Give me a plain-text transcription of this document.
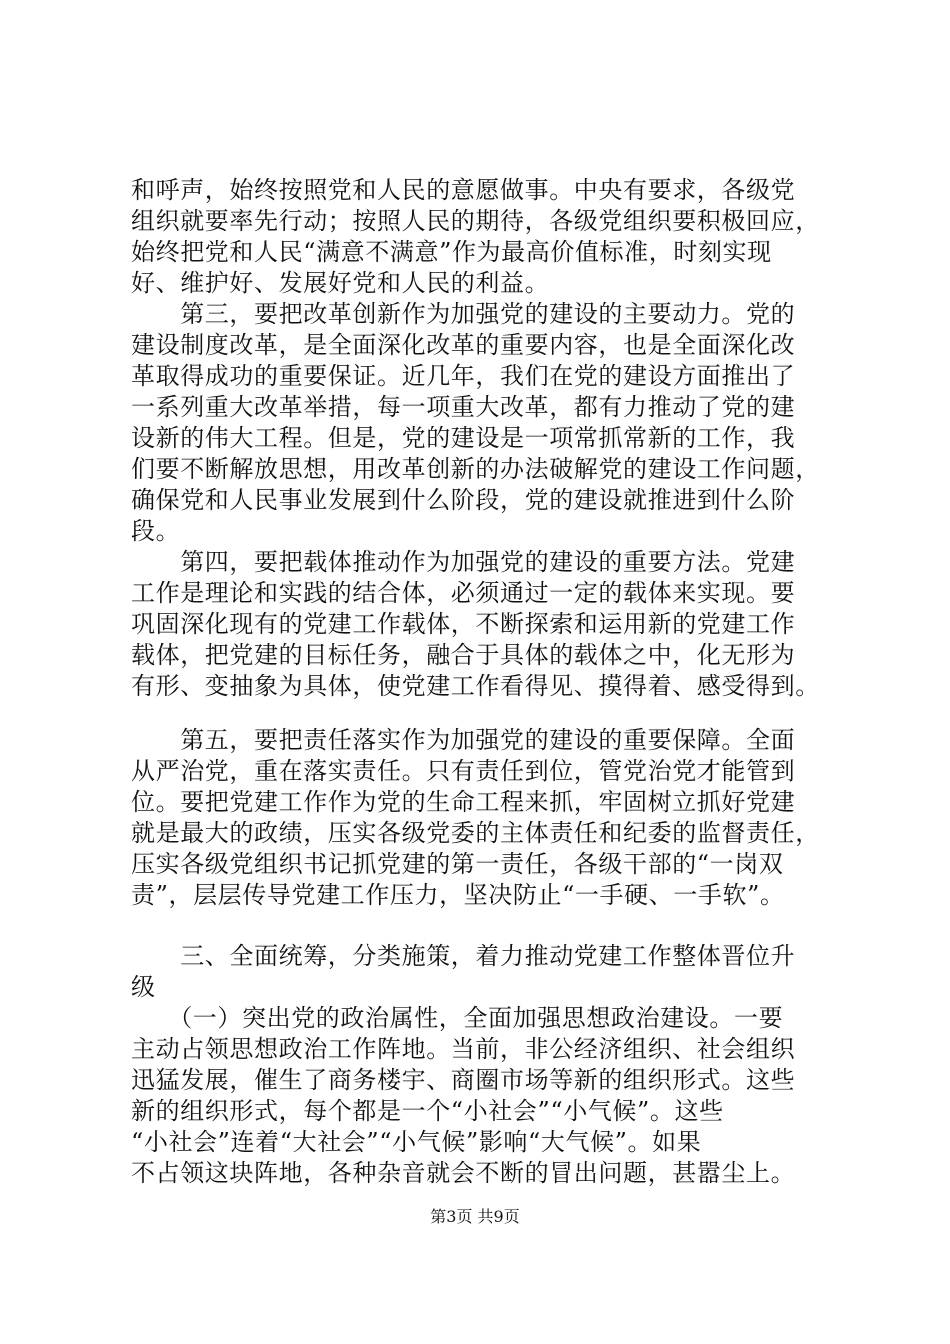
和呼声，始终按照党和人民的意愿做事。中央有要求，各级党
组织就要率先行动；按照人民的期待，各级党组织要积极回应，
始终把党和人民“满意不满意”作为最高价值标准，时刻实现
好、维护好、发展好党和人民的利益。
　　第三，要把改革创新作为加强党的建设的主要动力。党的
建设制度改革，是全面深化改革的重要内容，也是全面深化改
革取得成功的重要保证。近几年，我们在党的建设方面推出了
一系列重大改革举措，每一项重大改革，都有力推动了党的建
设新的伟大工程。但是，党的建设是一项常抓常新的工作，我
们要不断解放思想，用改革创新的办法破解党的建设工作问题，
确保党和人民事业发展到什么阶段，党的建设就推进到什么阶
段。
　　第四，要把载体推动作为加强党的建设的重要方法。党建
工作是理论和实践的结合体，必须通过一定的载体来实现。要
巩固深化现有的党建工作载体，不断探索和运用新的党建工作
载体，把党建的目标任务，融合于具体的载体之中，化无形为
有形、变抽象为具体，使党建工作看得见、摸得着、感受得到。
　　第五，要把责任落实作为加强党的建设的重要保障。全面
从严治党，重在落实责任。只有责任到位，管党治党才能管到
位。要把党建工作作为党的生命工程来抓，牢固树立抓好党建
就是最大的政绩，压实各级党委的主体责任和纪委的监督责任，
压实各级党组织书记抓党建的第一责任，各级干部的“一岗双
责”，层层传导党建工作压力，坚决防止“一手硬、一手软”。
　　三、全面统筹，分类施策，着力推动党建工作整体晋位升
级
　　（一）突出党的政治属性，全面加强思想政治建设。一要
主动占领思想政治工作阵地。当前，非公经济组织、社会组织
迅猛发展，催生了商务楼宇、商圈市场等新的组织形式。这些
新的组织形式，每个都是一个“小社会”“小气候”。这些
“小社会”连着“大社会”“小气候”影响“大气候”。如果
不占领这块阵地，各种杂音就会不断的冒出问题，甚嚣尘上。
第3页 共9页
